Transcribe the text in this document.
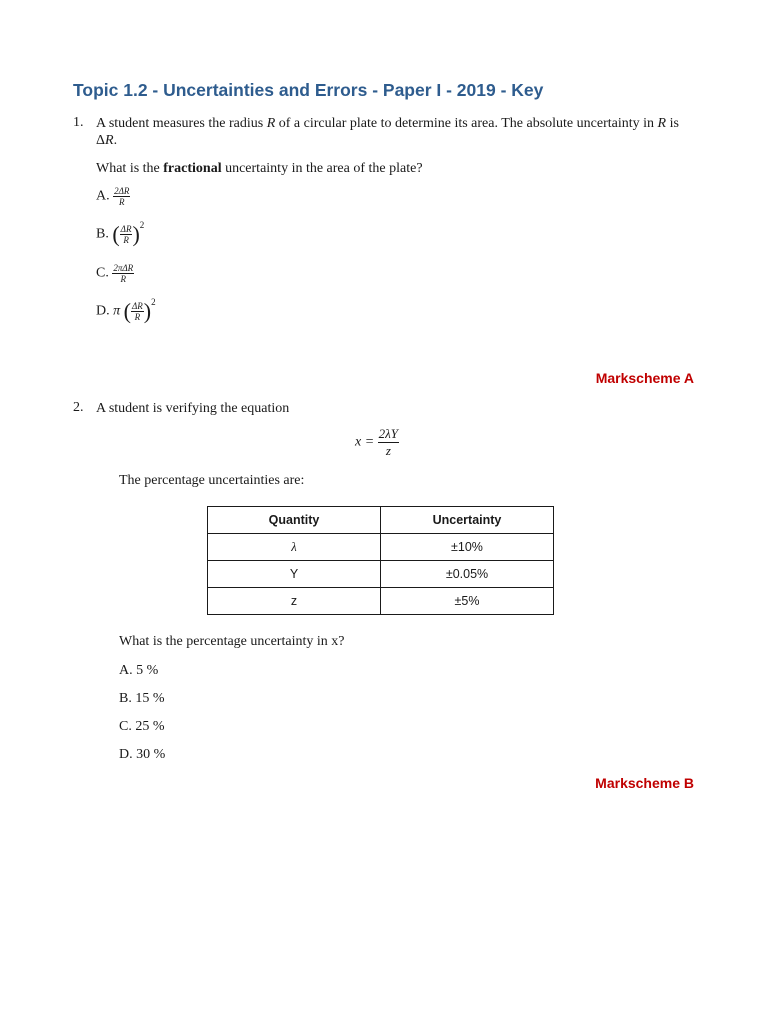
Topic 1.2 - Uncertainties and Errors - Paper I - 2019 - Key
1. A student measures the radius R of a circular plate to determine its area. The absolute uncertainty in R is ΔR.
What is the fractional uncertainty in the area of the plate?
A. $\frac{2\Delta R}{R}$
B. ( $\frac{\Delta R}{R} )^2$
C. $\frac{\text{2πΔR}}{R}$
D. π ( $\frac{\Delta R}{R} )^2$
Markscheme A
2. A student is verifying the equation
$x = \frac{2\lambda Y}{z}$
The percentage uncertainties are:
Quantity	Uncertainty
λ	±10%
Y	±0.05%
z	±5%
What is the percentage uncertainty in x?
A. 5 %
B. 15 %
C. 25 %
D. 30 %
Markscheme B
